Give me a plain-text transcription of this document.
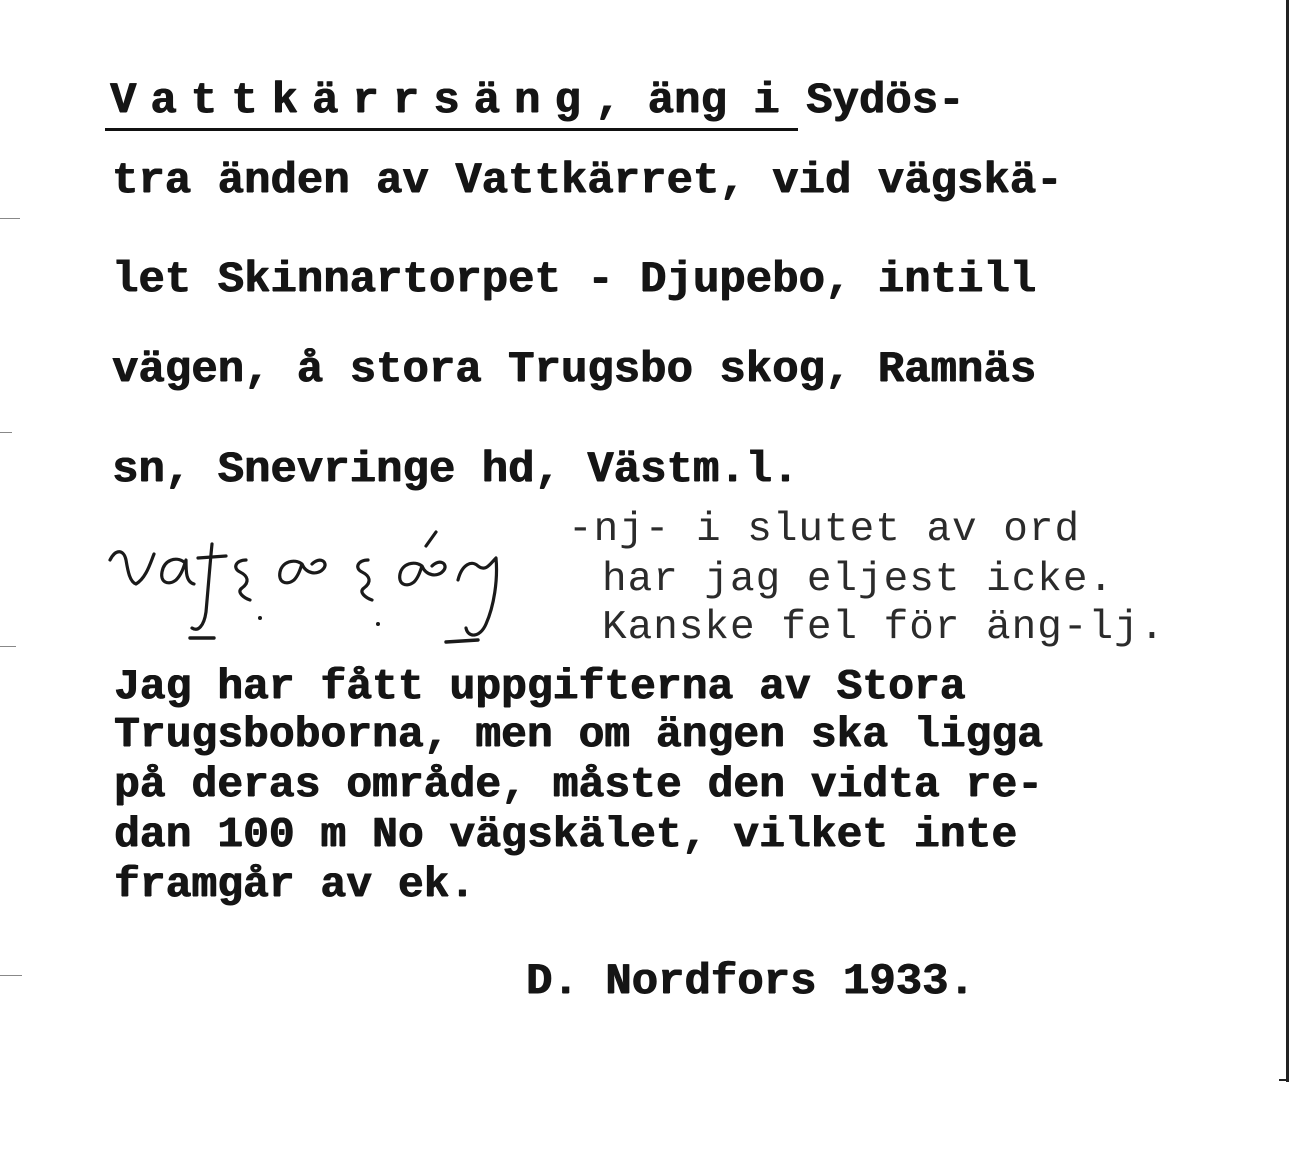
Vattkärrsäng, äng i Sydös-
tra änden av Vattkärret, vid vägskä-
let Skinnartorpet - Djupebo, intill
vägen, å stora Trugsbo skog, Ramnäs
sn, Snevringe hd, Västm.l.
-nj- i slutet av ord
har jag eljest icke.
Kanske fel för äng-lj.
Jag har fått uppgifterna av Stora
Trugsboborna, men om ängen ska ligga
på deras område, måste den vidta re-
dan 100 m No vägskälet, vilket inte
framgår av ek.
D. Nordfors 1933.
